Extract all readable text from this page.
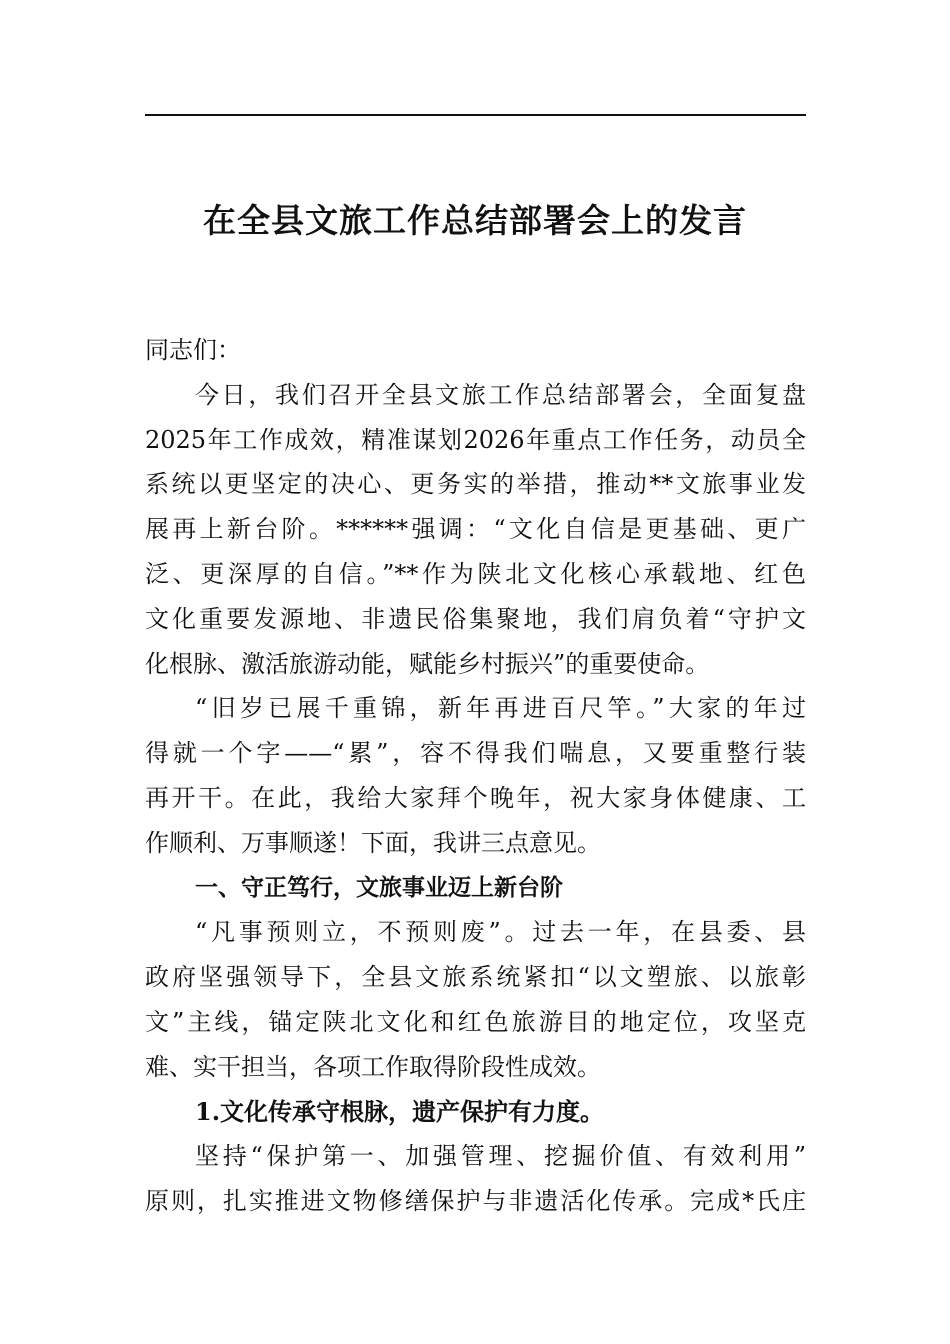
在全县文旅工作总结部署会上的发言
同志们：
今日，我们召开全县文旅工作总结部署会，全面复盘
2025年工作成效，精准谋划2026年重点工作任务，动员全
系统以更坚定的决心、更务实的举措，推动**文旅事业发
展再上新台阶。******强调：“文化自信是更基础、更广
泛、更深厚的自信。”**作为陕北文化核心承载地、红色
文化重要发源地、非遗民俗集聚地，我们肩负着“守护文
化根脉、激活旅游动能，赋能乡村振兴”的重要使命。
“旧岁已展千重锦，新年再进百尺竿。”大家的年过
得就一个字——“累”，容不得我们喘息，又要重整行装
再开干。在此，我给大家拜个晚年，祝大家身体健康、工
作顺利、万事顺遂！下面，我讲三点意见。
一、守正笃行，文旅事业迈上新台阶
“凡事预则立，不预则废”。过去一年，在县委、县
政府坚强领导下，全县文旅系统紧扣“以文塑旅、以旅彰
文”主线，锚定陕北文化和红色旅游目的地定位，攻坚克
难、实干担当，各项工作取得阶段性成效。
1.文化传承守根脉，遗产保护有力度。
坚持“保护第一、加强管理、挖掘价值、有效利用”
原则，扎实推进文物修缮保护与非遗活化传承。完成*氏庄
